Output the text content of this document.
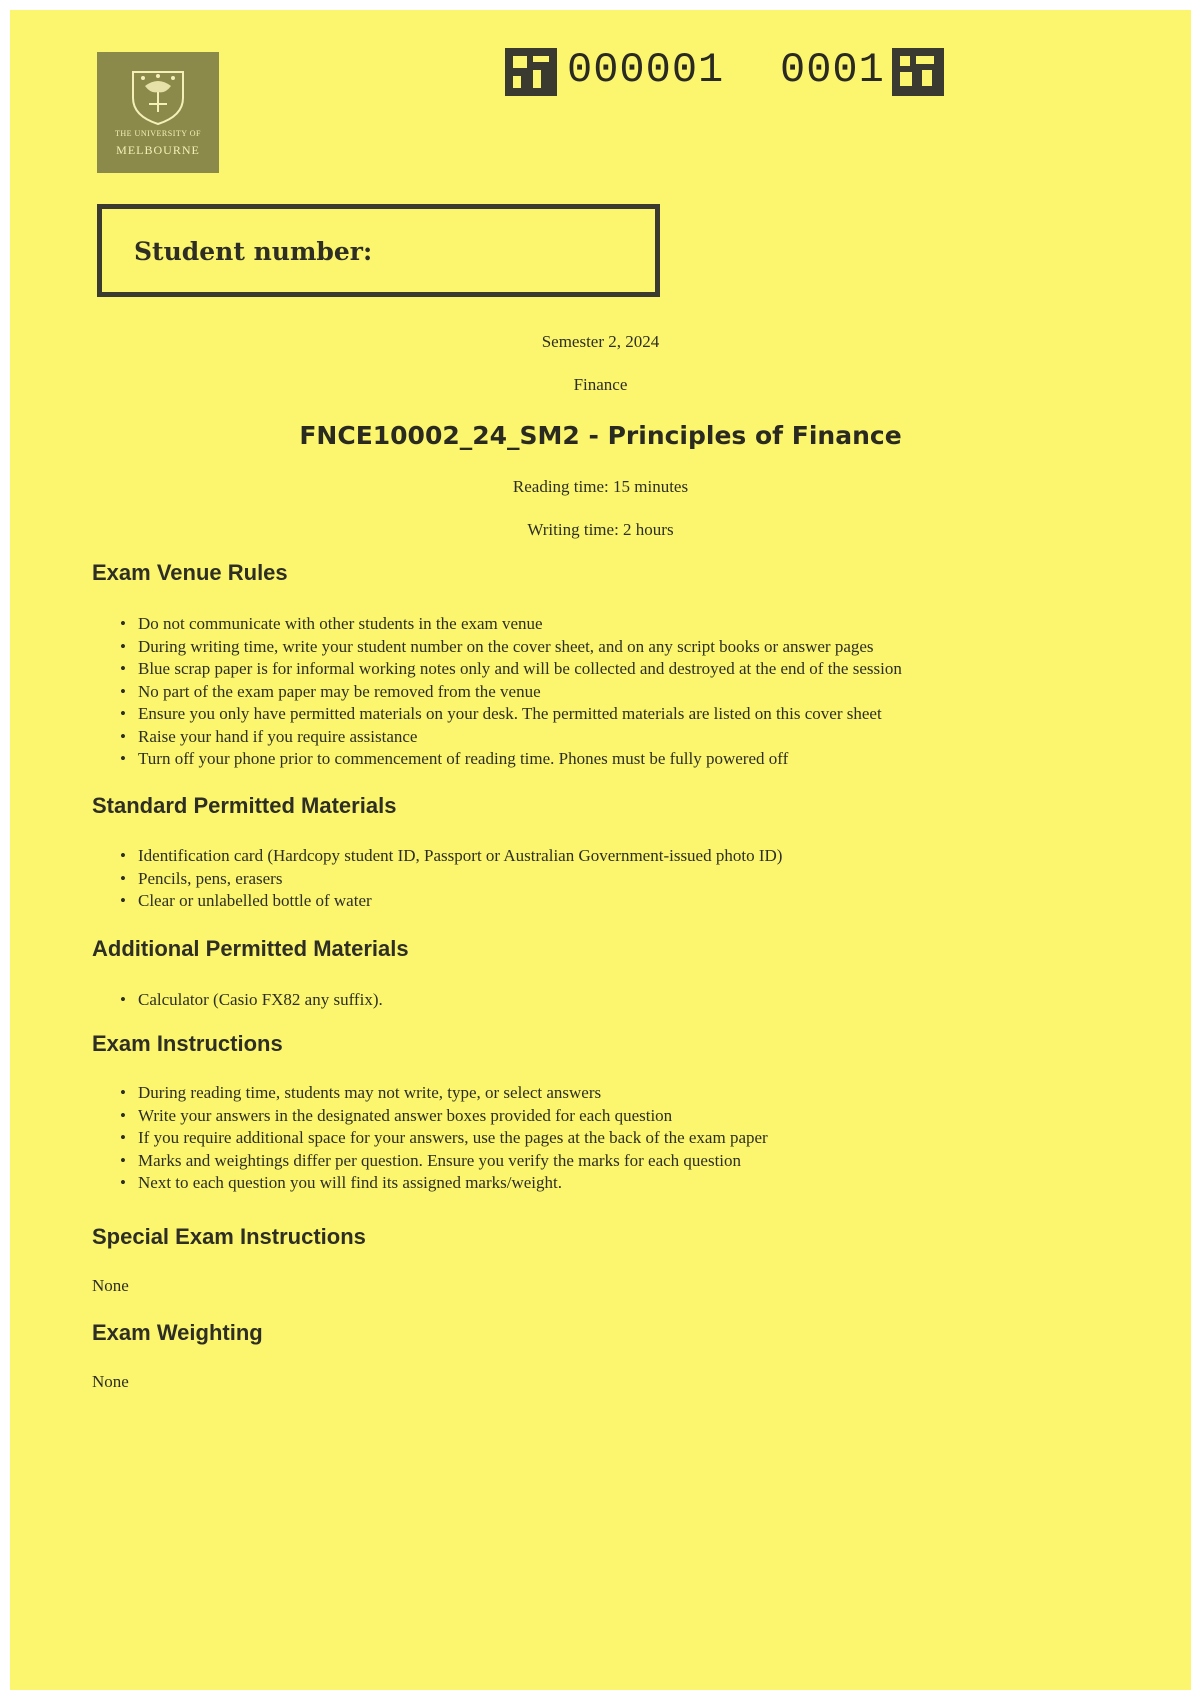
THE UNIVERSITY OF
MELBOURNE
000001 0001
Student number:
Semester 2, 2024
Finance
FNCE10002_24_SM2 - Principles of Finance
Reading time: 15 minutes
Writing time: 2 hours
Exam Venue Rules
• Do not communicate with other students in the exam venue
• During writing time, write your student number on the cover sheet, and on any script books or answer pages
• Blue scrap paper is for informal working notes only and will be collected and destroyed at the end of the session
• No part of the exam paper may be removed from the venue
• Ensure you only have permitted materials on your desk. The permitted materials are listed on this cover sheet
• Raise your hand if you require assistance
• Turn off your phone prior to commencement of reading time. Phones must be fully powered off
Standard Permitted Materials
• Identification card (Hardcopy student ID, Passport or Australian Government-issued photo ID)
• Pencils, pens, erasers
• Clear or unlabelled bottle of water
Additional Permitted Materials
• Calculator (Casio FX82 any suffix).
Exam Instructions
• During reading time, students may not write, type, or select answers
• Write your answers in the designated answer boxes provided for each question
• If you require additional space for your answers, use the pages at the back of the exam paper
• Marks and weightings differ per question. Ensure you verify the marks for each question
• Next to each question you will find its assigned marks/weight.
Special Exam Instructions
None
Exam Weighting
None
